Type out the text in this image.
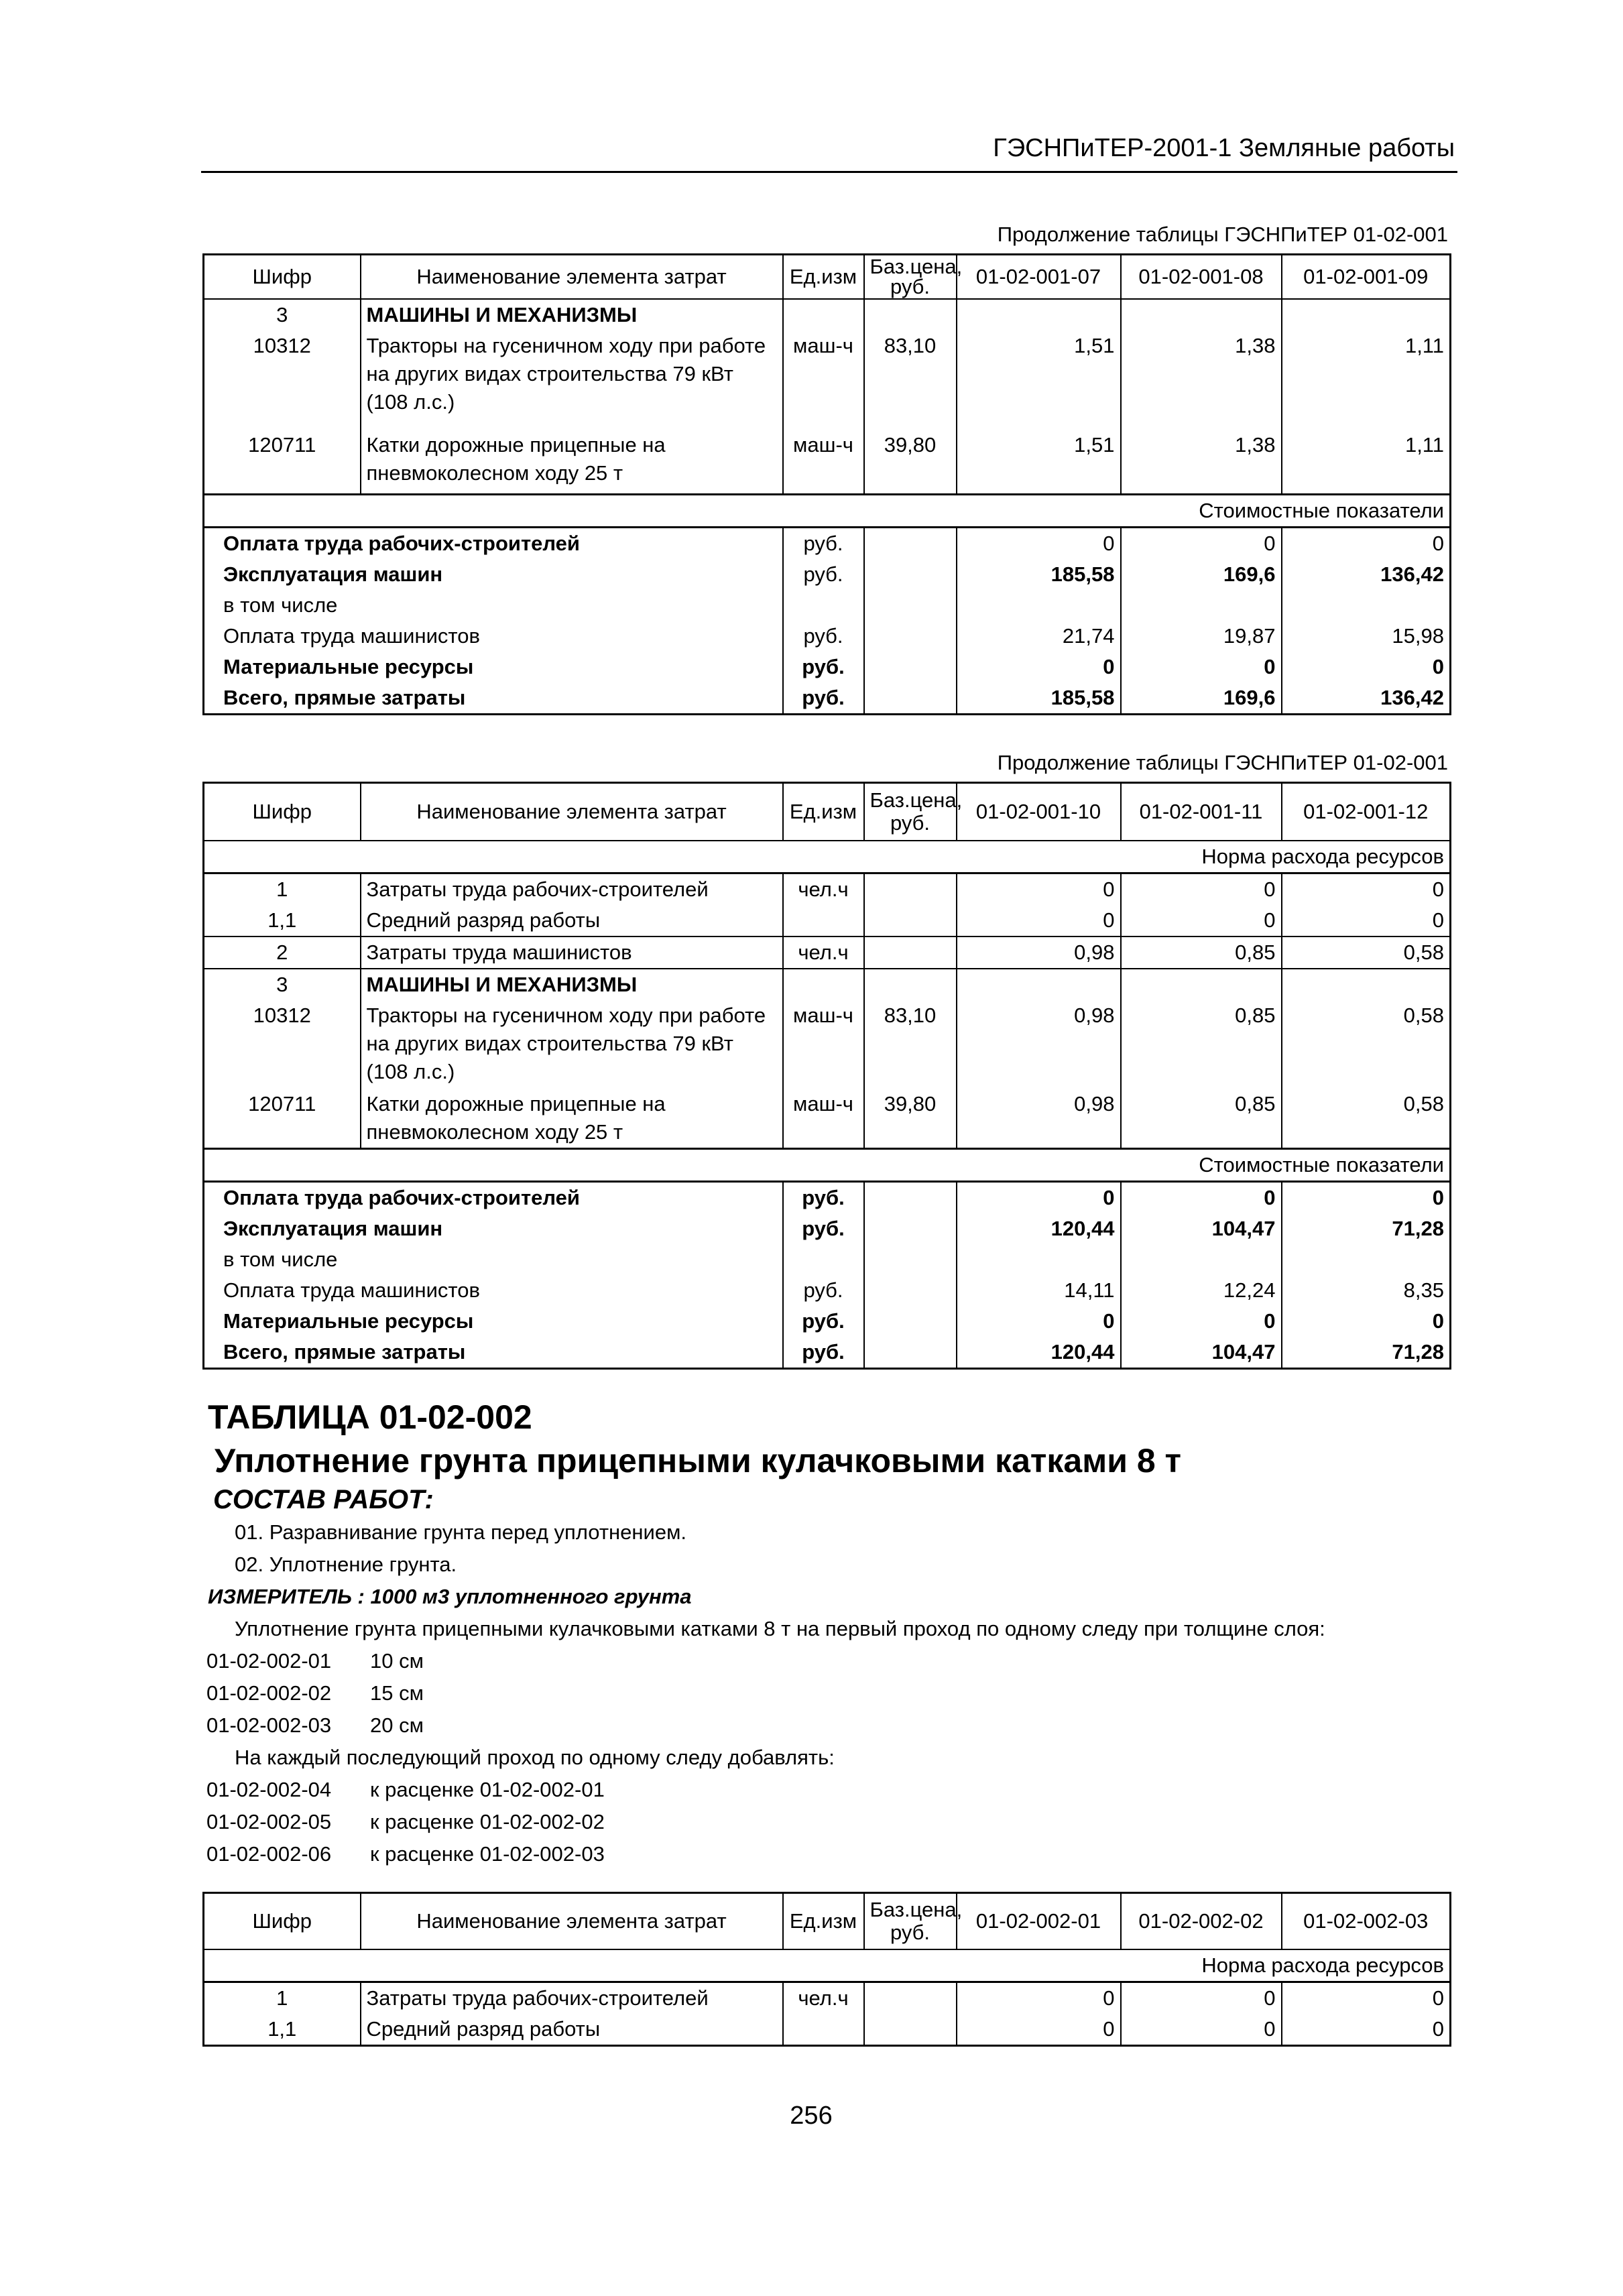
ГЭСНПиТЕР-2001-1 Земляные работы
Продолжение таблицы ГЭСНПиТЕР 01-02-001
Шифр	Наименование элемента затрат	Ед.изм	Баз.цена, руб.	01-02-001-07	01-02-001-08	01-02-001-09
3	МАШИНЫ И МЕХАНИЗМЫ					
10312	Тракторы на гусеничном ходу при работе на других видах строительства 79 кВт (108 л.с.)	маш-ч	83,10	1,51	1,38	1,11
120711	Катки дорожные прицепные на пневмоколесном ходу 25 т	маш-ч	39,80	1,51	1,38	1,11
Стоимостные показатели						
Оплата труда рабочих-строителей		руб.		0	0	0
Эксплуатация машин		руб.		185,58	169,6	136,42
в том числе						
Оплата труда машинистов		руб.		21,74	19,87	15,98
Материальные ресурсы		руб.		0	0	0
Всего, прямые затраты		руб.		185,58	169,6	136,42
Продолжение таблицы ГЭСНПиТЕР 01-02-001
Шифр	Наименование элемента затрат	Ед.изм	Баз.цена, руб.	01-02-001-10	01-02-001-11	01-02-001-12
Норма расхода ресурсов						
1	Затраты труда рабочих-строителей	чел.ч		0	0	0
1,1	Средний разряд работы			0	0	0
2	Затраты труда машинистов	чел.ч		0,98	0,85	0,58
3	МАШИНЫ И МЕХАНИЗМЫ					
10312	Тракторы на гусеничном ходу при работе на других видах строительства 79 кВт (108 л.с.)	маш-ч	83,10	0,98	0,85	0,58
120711	Катки дорожные прицепные на пневмоколесном ходу 25 т	маш-ч	39,80	0,98	0,85	0,58
Стоимостные показатели						
Оплата труда рабочих-строителей		руб.		0	0	0
Эксплуатация машин		руб.		120,44	104,47	71,28
в том числе						
Оплата труда машинистов		руб.		14,11	12,24	8,35
Материальные ресурсы		руб.		0	0	0
Всего, прямые затраты		руб.		120,44	104,47	71,28
ТАБЛИЦА 01-02-002
Уплотнение грунта прицепными кулачковыми катками 8 т
СОСТАВ РАБОТ:
01. Разравнивание грунта перед уплотнением.
02. Уплотнение грунта.
ИЗМЕРИТЕЛЬ : 1000 м3 уплотненного грунта
Уплотнение грунта прицепными кулачковыми катками 8 т на первый проход по одному следу при толщине слоя:
01-02-002-01 10 см
01-02-002-02 15 см
01-02-002-03 20 см
На каждый последующий проход по одному следу добавлять:
01-02-002-04 к расценке 01-02-002-01
01-02-002-05 к расценке 01-02-002-02
01-02-002-06 к расценке 01-02-002-03
Шифр	Наименование элемента затрат	Ед.изм	Баз.цена, руб.	01-02-002-01	01-02-002-02	01-02-002-03
Норма расхода ресурсов						
1	Затраты труда рабочих-строителей	чел.ч		0	0	0
1,1	Средний разряд работы			0	0	0
256
